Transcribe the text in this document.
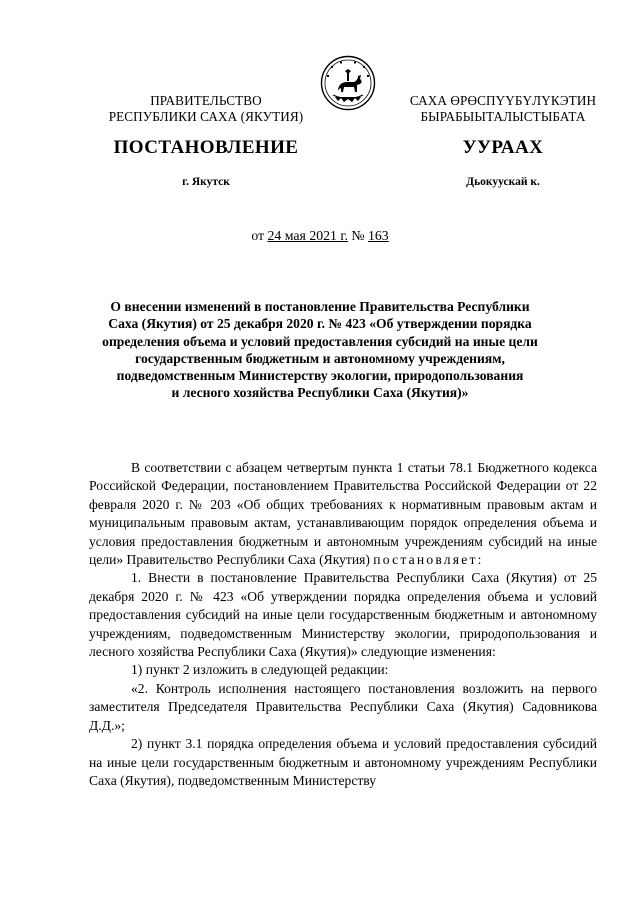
ПРАВИТЕЛЬСТВО
РЕСПУБЛИКИ САХА (ЯКУТИЯ)
САХА ӨРӨСПҮҮБҮЛҮКЭТИН
БЫРАБЫЫТАЛЫСТЫБАТА
ПОСТАНОВЛЕНИЕ	УУРААХ
г. Якутск	Дьокуускай к.
от 24 мая 2021 г. № 163
О внесении изменений в постановление Правительства Республики
Саха (Якутия) от 25 декабря 2020 г. № 423 «Об утверждении порядка
определения объема и условий предоставления субсидий на иные цели
государственным бюджетным и автономному учреждениям,
подведомственным Министерству экологии, природопользования
и лесного хозяйства Республики Саха (Якутия)»

В соответствии с абзацем четвертым пункта 1 статьи 78.1 Бюджетного кодекса Российской Федерации, постановлением Правительства Российской Федерации от 22 февраля 2020 г. № 203 «Об общих требованиях к нормативным правовым актам и муниципальным правовым актам, устанавливающим порядок определения объема и условия предоставления бюджетным и автономным учреждениям субсидий на иные цели» Правительство Республики Саха (Якутия) постановляет:

1. Внести в постановление Правительства Республики Саха (Якутия) от 25 декабря 2020 г. № 423 «Об утверждении порядка определения объема и условий предоставления субсидий на иные цели государственным бюджетным и автономному учреждениям, подведомственным Министерству экологии, природопользования и лесного хозяйства Республики Саха (Якутия)» следующие изменения:

1) пункт 2 изложить в следующей редакции:

«2. Контроль исполнения настоящего постановления возложить на первого заместителя Председателя Правительства Республики Саха (Якутия) Садовникова Д.Д.»;

2) пункт 3.1 порядка определения объема и условий предоставления субсидий на иные цели государственным бюджетным и автономному учреждениям Республики Саха (Якутия), подведомственным Министерству
